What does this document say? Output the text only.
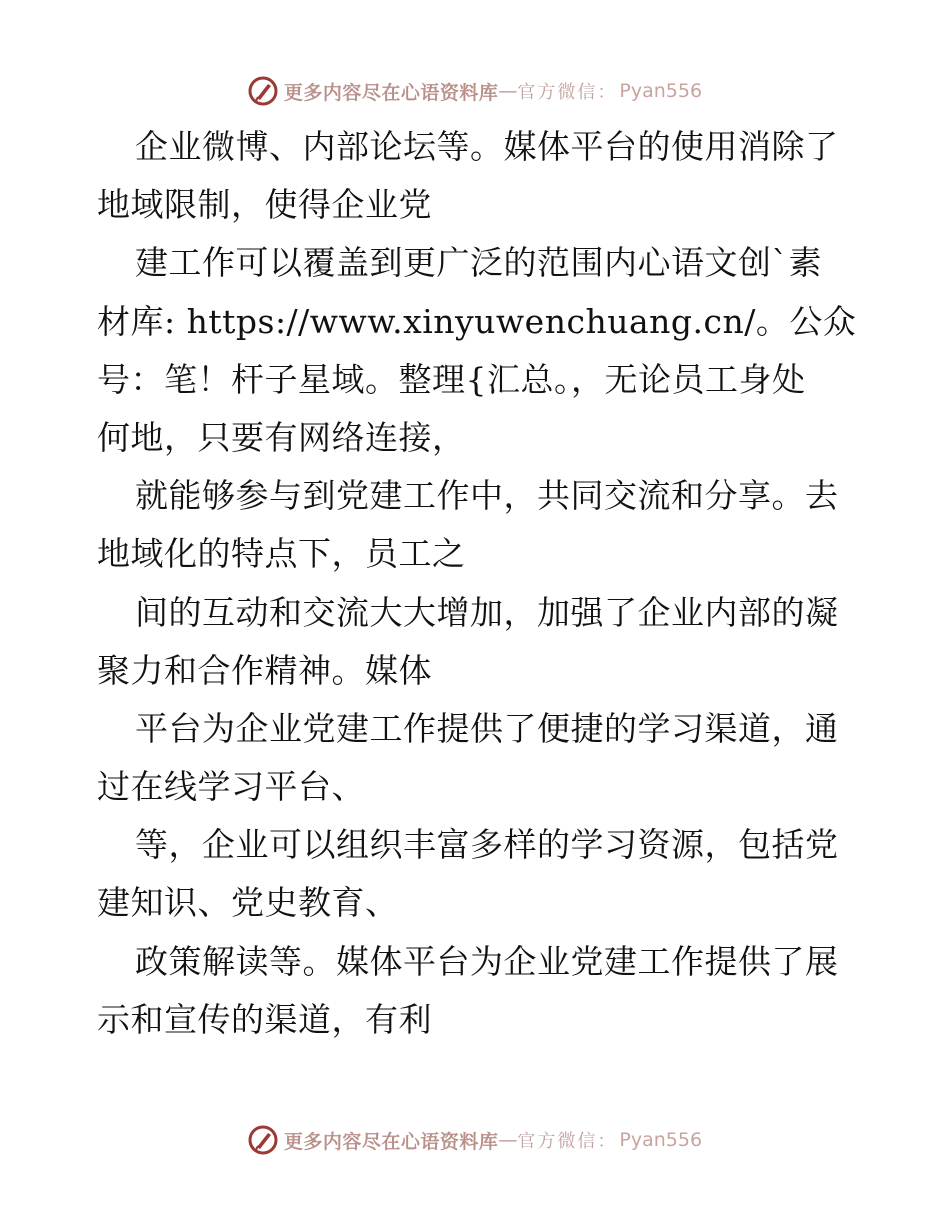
更多内容尽在心语资料库 — 官方微信： Pyan556
企业微博、内部论坛等。媒体平台的使用消除了
地域限制，使得企业党
建工作可以覆盖到更广泛的范围内心语文创`素
材库: https://www.xinyuwenchuang.cn/。公众
号：笔！杆子星域。整理{汇总。，无论员工身处
何地，只要有网络连接，
就能够参与到党建工作中，共同交流和分享。去
地域化的特点下，员工之
间的互动和交流大大增加，加强了企业内部的凝
聚力和合作精神。媒体
平台为企业党建工作提供了便捷的学习渠道，通
过在线学习平台、
等，企业可以组织丰富多样的学习资源，包括党
建知识、党史教育、
政策解读等。媒体平台为企业党建工作提供了展
示和宣传的渠道，有利
更多内容尽在心语资料库 — 官方微信： Pyan556
